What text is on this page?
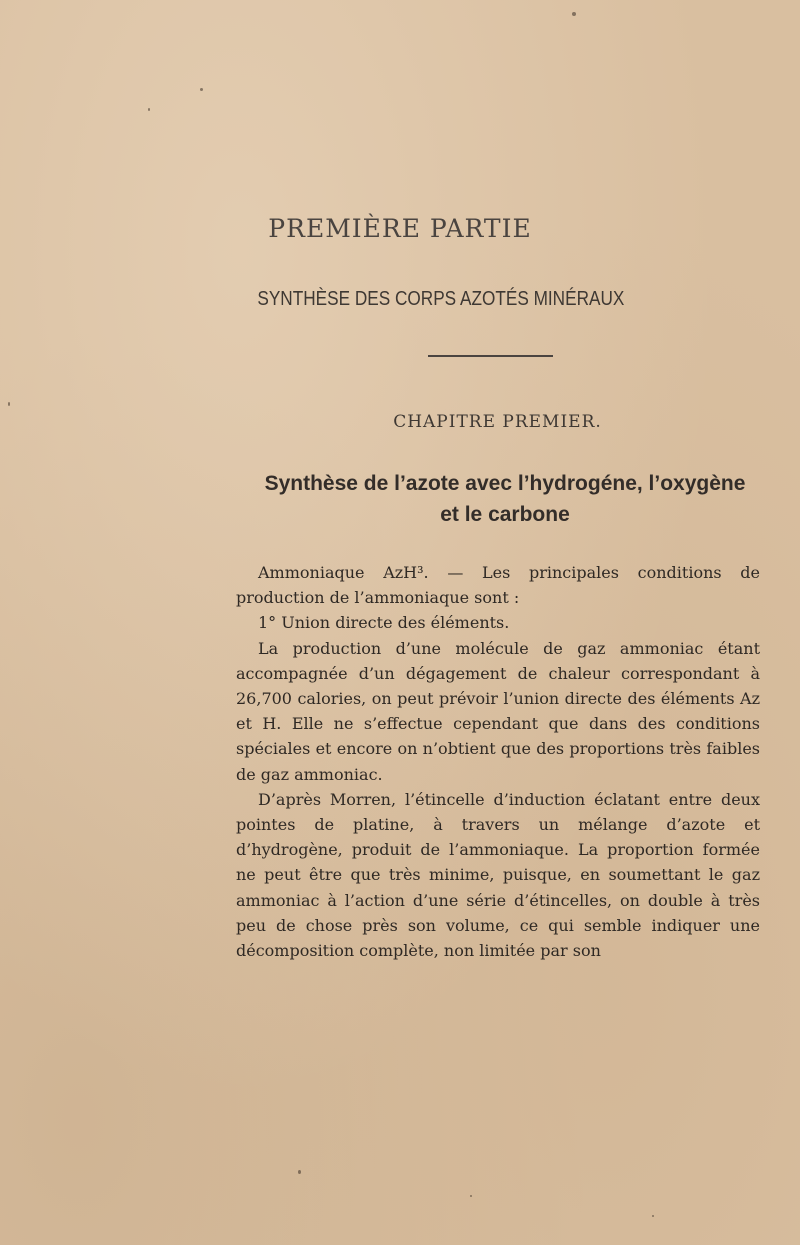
PREMIÈRE PARTIE
SYNTHÈSE DES CORPS AZOTÉS MINÉRAUX
CHAPITRE PREMIER.
Synthèse de l’azote avec l’hydrogéne, l’oxygène
et le carbone

Ammoniaque AzH³. — Les principales conditions de production de l’ammoniaque sont :

1° Union directe des éléments.

La production d’une molécule de gaz ammoniac étant accompagnée d’un dégagement de chaleur correspondant à 26,700 calories, on peut prévoir l’union directe des éléments Az et H. Elle ne s’effectue cependant que dans des conditions spéciales et encore on n’obtient que des proportions très faibles de gaz ammoniac.

D’après Morren, l’étincelle d’induction éclatant entre deux pointes de platine, à travers un mélange d’azote et d’hydrogène, produit de l’ammoniaque. La proportion formée ne peut être que très minime, puisque, en soumettant le gaz ammoniac à l’action d’une série d’étincelles, on double à très peu de chose près son volume, ce qui semble indiquer une décomposition complète, non limitée par son
